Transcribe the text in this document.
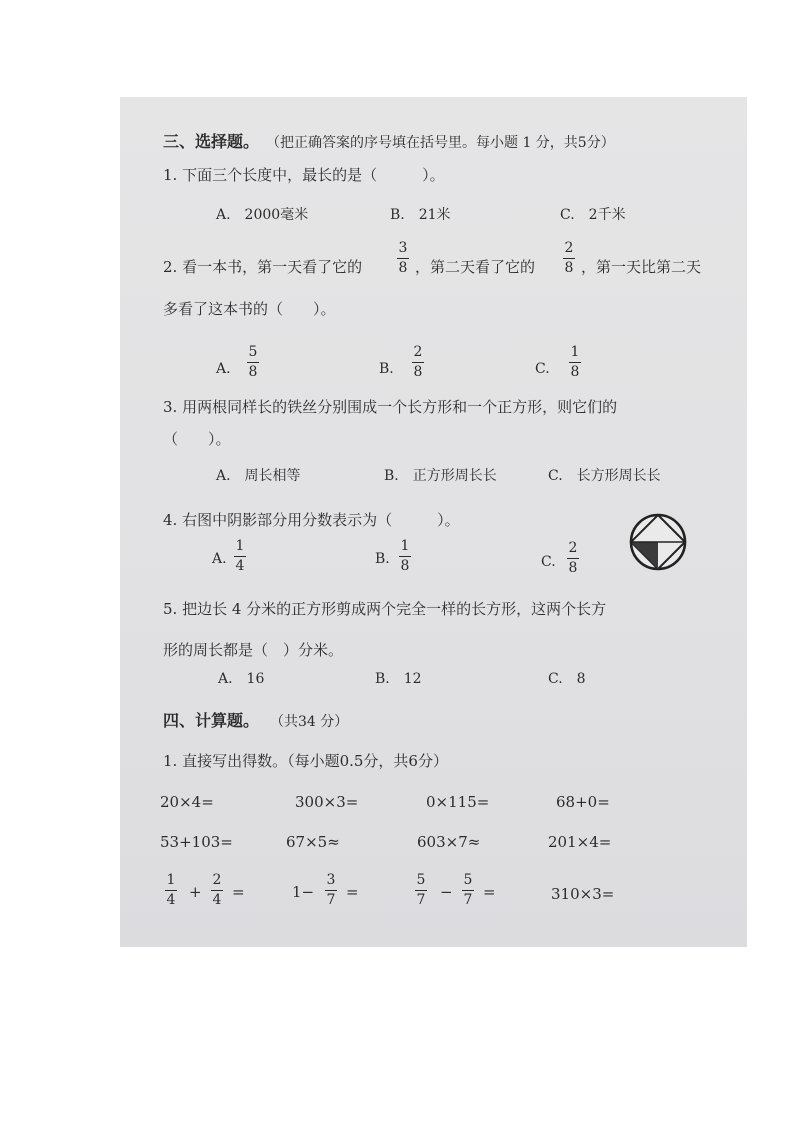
三、选择题。 （把正确答案的序号填在括号里。每小题 1 分，共5分）
1. 下面三个长度中，最长的是（　　　）。
A.　2000毫米	B.　21米	C.　2千米
2. 看一本书，第一天看了它的
3
8 ，第二天看了它的
2
8 ，第一天比第二天
多看了这本书的（　　）。
A.
5
8	B.
2
8	C.
1
8
3. 用两根同样长的铁丝分别围成一个长方形和一个正方形，则它们的
（　　）。
A.　周长相等	B.　正方形周长长	C.　长方形周长长
4. 右图中阴影部分用分数表示为（　　　）。
A.
1
4	B.
1
8	C.
2
8
5. 把边长 4 分米的正方形剪成两个完全一样的长方形，这两个长方
形的周长都是（　）分米。
A.　16	B.　12	C.　8
四、计算题。 （共34 分）
1. 直接写出得数。（每小题0.5分，共6分）
20×4=	300×3=	0×115=	68+0=
53+103=	67×5≈	603×7≈	201×4=
1
4 +
2
4 =	1−
3
7 =
5
7 −
5
7 =	310×3=
